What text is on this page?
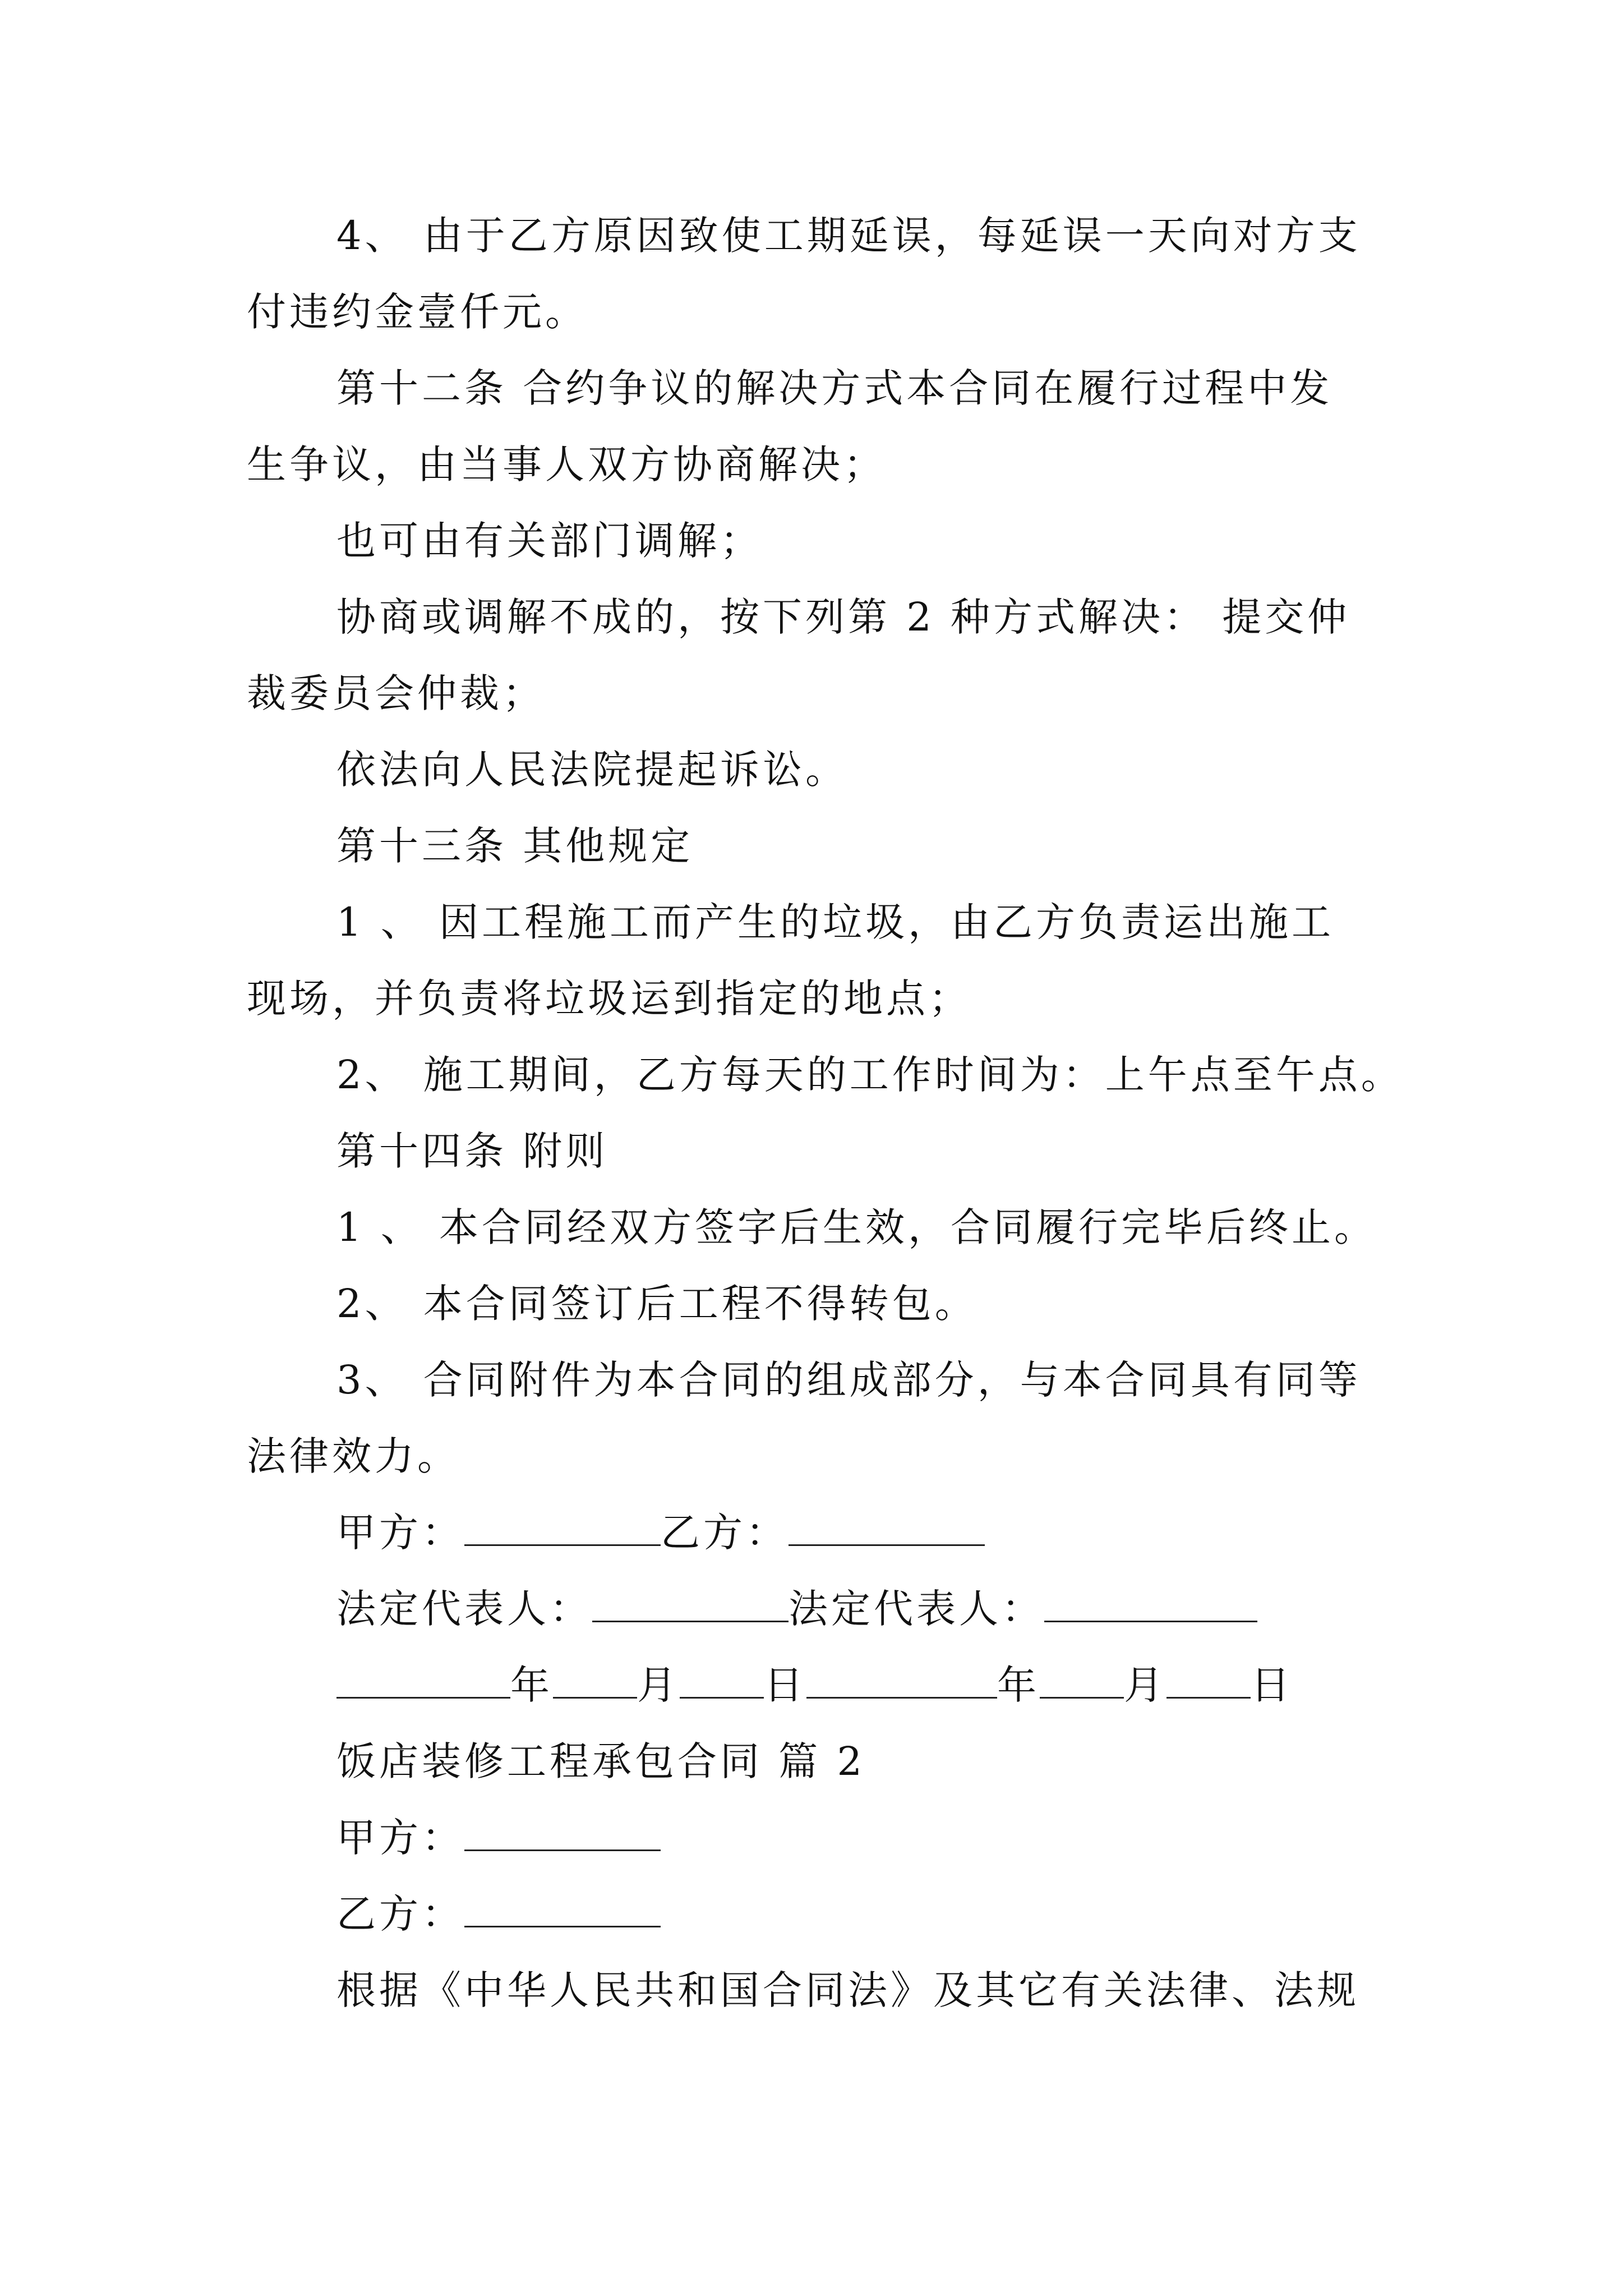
4、 由于乙方原因致使工期延误，每延误一天向对方支
付违约金壹仟元。
第十二条 合约争议的解决方式本合同在履行过程中发
生争议，由当事人双方协商解决；
也可由有关部门调解；
协商或调解不成的，按下列第 2 种方式解决： 提交仲
裁委员会仲裁；
依法向人民法院提起诉讼。
第十三条 其他规定
1 、 因工程施工而产生的垃圾，由乙方负责运出施工
现场，并负责将垃圾运到指定的地点；
2、 施工期间，乙方每天的工作时间为：上午点至午点。
第十四条 附则
1 、 本合同经双方签字后生效，合同履行完毕后终止。
2、 本合同签订后工程不得转包。
3、 合同附件为本合同的组成部分，与本合同具有同等
法律效力。
甲方：	乙方：
法定代表人：	法定代表人：
年 月 日	年 月 日
饭店装修工程承包合同 篇 2
甲方：
乙方：
根据《中华人民共和国合同法》及其它有关法律、法规
